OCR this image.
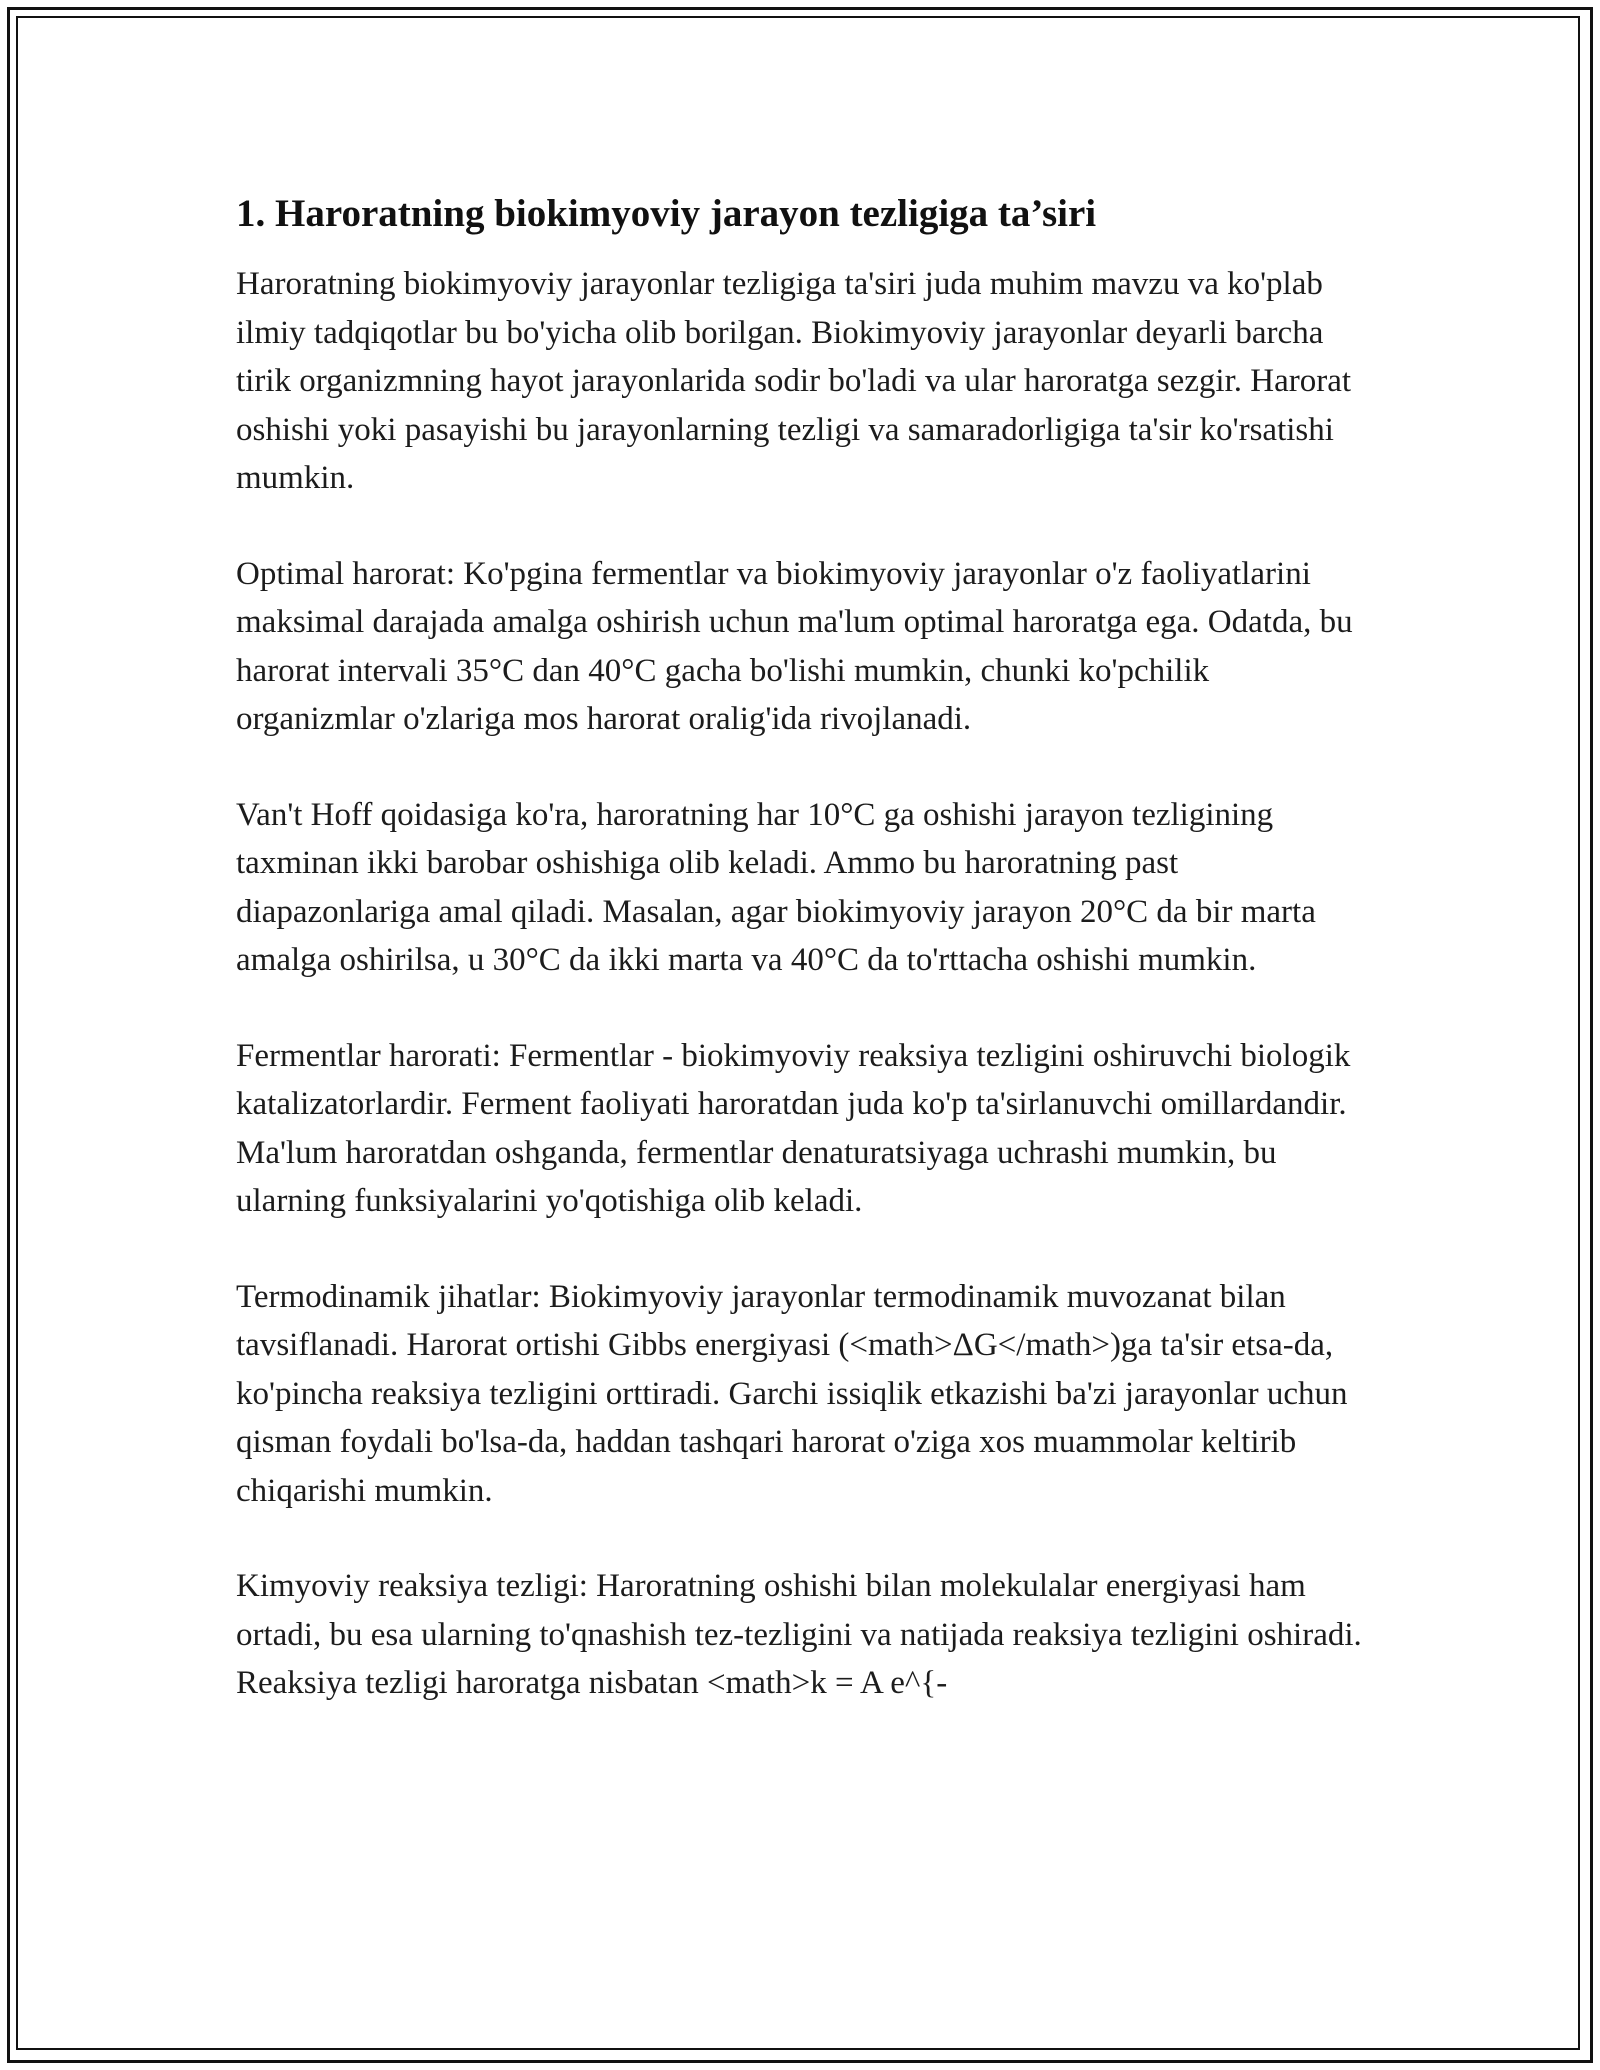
1. Haroratning biokimyoviy jarayon tezligiga ta’siri

Haroratning biokimyoviy jarayonlar tezligiga ta'siri juda muhim mavzu va ko'plab ilmiy tadqiqotlar bu bo'yicha olib borilgan. Biokimyoviy jarayonlar deyarli barcha tirik organizmning hayot jarayonlarida sodir bo'ladi va ular haroratga sezgir. Harorat oshishi yoki pasayishi bu jarayonlarning tezligi va samaradorligiga ta'sir ko'rsatishi mumkin.

Optimal harorat: Ko'pgina fermentlar va biokimyoviy jarayonlar o'z faoliyatlarini maksimal darajada amalga oshirish uchun ma'lum optimal haroratga ega. Odatda, bu harorat intervali 35°C dan 40°C gacha bo'lishi mumkin, chunki ko'pchilik organizmlar o'zlariga mos harorat oralig'ida rivojlanadi.

Van't Hoff qoidasiga ko'ra, haroratning har 10°C ga oshishi jarayon tezligining taxminan ikki barobar oshishiga olib keladi. Ammo bu haroratning past diapazonlariga amal qiladi. Masalan, agar biokimyoviy jarayon 20°C da bir marta amalga oshirilsa, u 30°C da ikki marta va 40°C da to'rttacha oshishi mumkin.

Fermentlar harorati: Fermentlar - biokimyoviy reaksiya tezligini oshiruvchi biologik katalizatorlardir. Ferment faoliyati haroratdan juda ko'p ta'sirlanuvchi omillardandir. Ma'lum haroratdan oshganda, fermentlar denaturatsiyaga uchrashi mumkin, bu ularning funksiyalarini yo'qotishiga olib keladi.

Termodinamik jihatlar: Biokimyoviy jarayonlar termodinamik muvozanat bilan tavsiflanadi. Harorat ortishi Gibbs energiyasi (<math>ΔG</math>)ga ta'sir etsa-da, ko'pincha reaksiya tezligini orttiradi. Garchi issiqlik etkazishi ba'zi jarayonlar uchun qisman foydali bo'lsa-da, haddan tashqari harorat o'ziga xos muammolar keltirib chiqarishi mumkin.

Kimyoviy reaksiya tezligi: Haroratning oshishi bilan molekulalar energiyasi ham ortadi, bu esa ularning to'qnashish tez-tezligini va natijada reaksiya tezligini oshiradi. Reaksiya tezligi haroratga nisbatan <math>k = A e^{-
